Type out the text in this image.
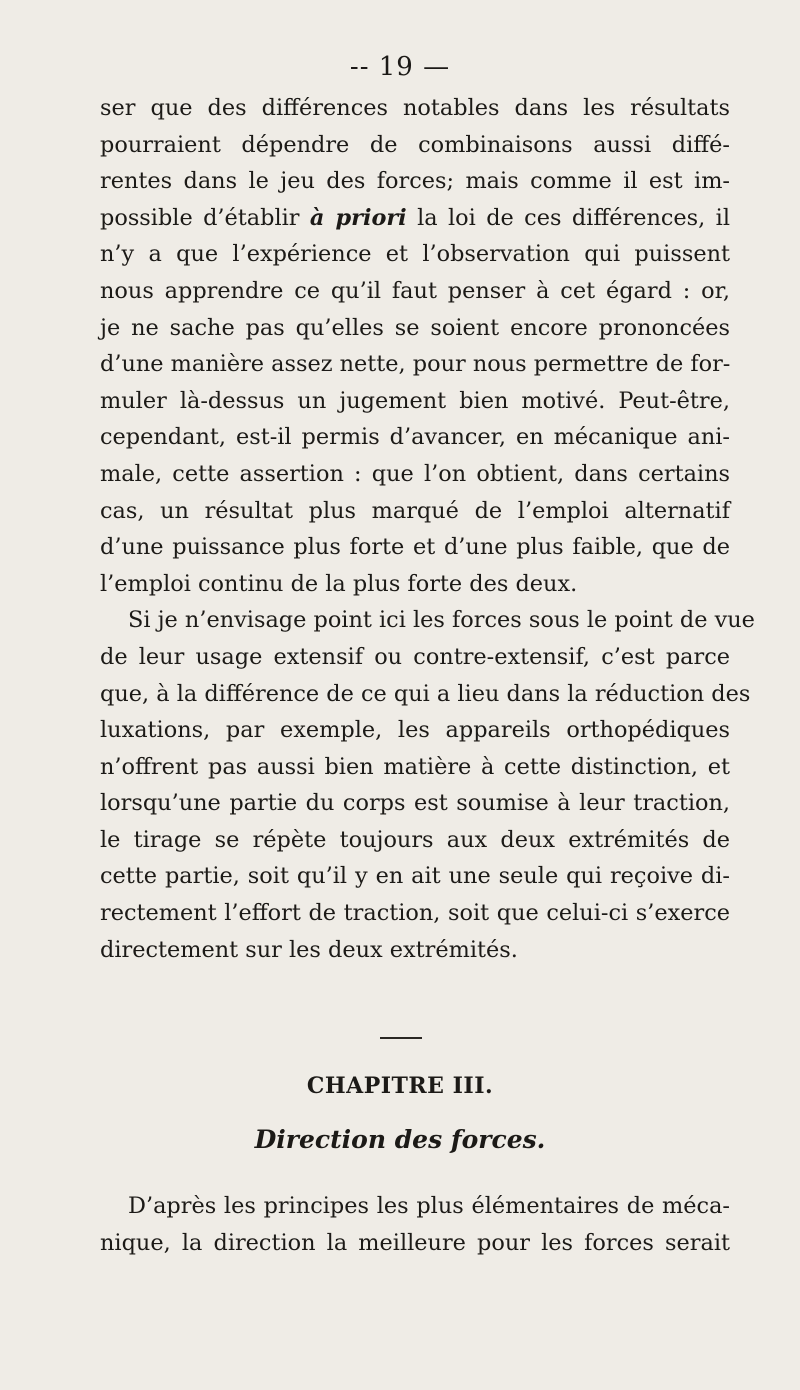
-- 19 —
ser que des différences notables dans les résultats
pourraient dépendre de combinaisons aussi diffé-
rentes dans le jeu des forces; mais comme il est im-
possible d’établir à priori la loi de ces différences, il
n’y a que l’expérience et l’observation qui puissent
nous apprendre ce qu’il faut penser à cet égard : or,
je ne sache pas qu’elles se soient encore prononcées
d’une manière assez nette, pour nous permettre de for-
muler là-dessus un jugement bien motivé. Peut-être,
cependant, est-il permis d’avancer, en mécanique ani-
male, cette assertion : que l’on obtient, dans certains
cas, un résultat plus marqué de l’emploi alternatif
d’une puissance plus forte et d’une plus faible, que de
l’emploi continu de la plus forte des deux.
Si je n’envisage point ici les forces sous le point de vue
de leur usage extensif ou contre-extensif, c’est parce
que, à la différence de ce qui a lieu dans la réduction des
luxations, par exemple, les appareils orthopédiques
n’offrent pas aussi bien matière à cette distinction, et
lorsqu’une partie du corps est soumise à leur traction,
le tirage se répète toujours aux deux extrémités de
cette partie, soit qu’il y en ait une seule qui reçoive di-
rectement l’effort de traction, soit que celui-ci s’exerce
directement sur les deux extrémités.
CHAPITRE III.
Direction des forces.
D’après les principes les plus élémentaires de méca-
nique, la direction la meilleure pour les forces serait
